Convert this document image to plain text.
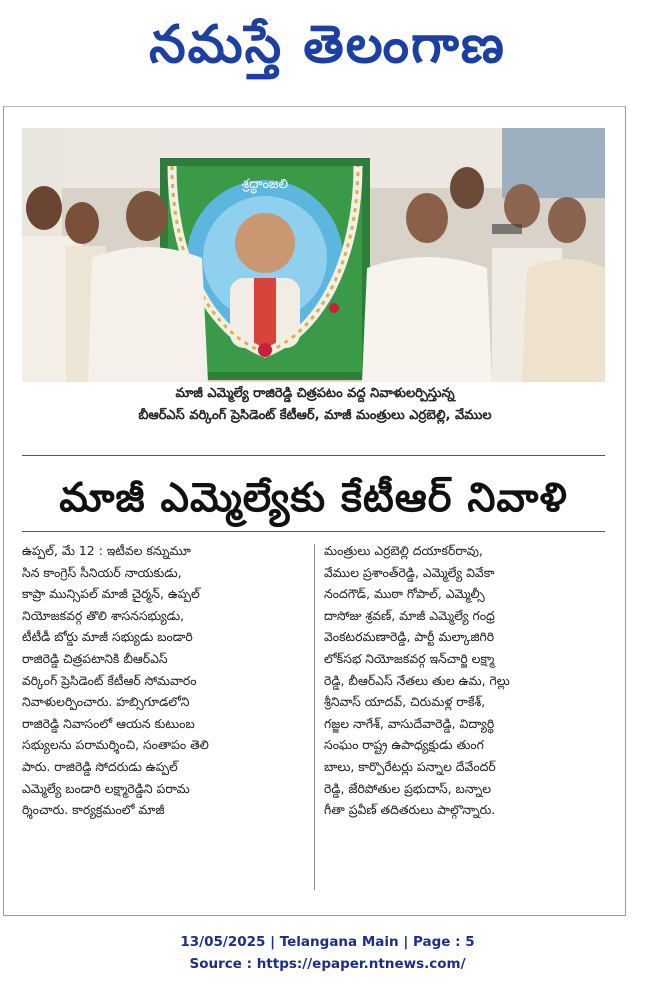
నమస్తే తెలంగాణ
శ్రద్ధాంజలి
మాజీ ఎమ్మెల్యే రాజిరెడ్డి చిత్రపటం వద్ద నివాళులర్పిస్తున్న
బీఆర్ఎస్ వర్కింగ్ ప్రెసిడెంట్ కేటీఆర్, మాజీ మంత్రులు ఎర్రబెల్లి, వేముల
మాజీ ఎమ్మెల్యేకు కేటీఆర్ నివాళి
ఉప్పల్, మే 12 : ఇటీవల కన్నుమూ
సిన కాంగ్రెస్ సీనియర్ నాయకుడు,
కాప్రా మున్సిపల్ మాజీ చైర్మన్, ఉప్పల్
నియోజకవర్గ తొలి శాసనసభ్యుడు,
టీటీడీ బోర్డు మాజీ సభ్యుడు బండారి
రాజిరెడ్డి చిత్రపటానికి బీఆర్ఎస్
వర్కింగ్ ప్రెసిడెంట్ కేటీఆర్ సోమవారం
నివాళులర్పించారు. హబ్సిగూడలోని
రాజిరెడ్డి నివాసంలో ఆయన కుటుంబ
సభ్యులను పరామర్శించి, సంతాపం తెలి
పారు. రాజిరెడ్డి సోదరుడు ఉప్పల్
ఎమ్మెల్యే బండారి లక్ష్మారెడ్డిని పరామ
ర్శించారు. కార్యక్రమంలో మాజీ
మంత్రులు ఎర్రబెల్లి దయాకర్‌రావు,
వేముల ప్రశాంత్‌రెడ్డి, ఎమ్మెల్యే వివేకా
నందగౌడ్, ముఠా గోపాల్, ఎమ్మెల్సీ
దాసోజు శ్రవణ్, మాజీ ఎమ్మెల్యే గంధ్ర
వెంకటరమణారెడ్డి, పార్టీ మల్కాజిగిరి
లోక్‌సభ నియోజకవర్గ ఇన్‌చార్జి లక్ష్మా
రెడ్డి, బీఆర్ఎస్ నేతలు తుల ఉమ, గెల్లు
శ్రీనివాస్ యాదవ్, చిరుమళ్ల రాకేశ్,
గజ్జల నాగేశ్, వాసుదేవారెడ్డి, విద్యార్థి
సంఘం రాష్ట్ర ఉపాధ్యక్షుడు తుంగ
బాలు, కార్పొరేటర్లు పన్నాల దేవేందర్
రెడ్డి, జేరిపోతుల ప్రభుదాస్, బన్నాల
గీతా ప్రవీణ్ తదితరులు పాల్గొన్నారు.
13/05/2025 | Telangana Main | Page : 5
Source : https://epaper.ntnews.com/
